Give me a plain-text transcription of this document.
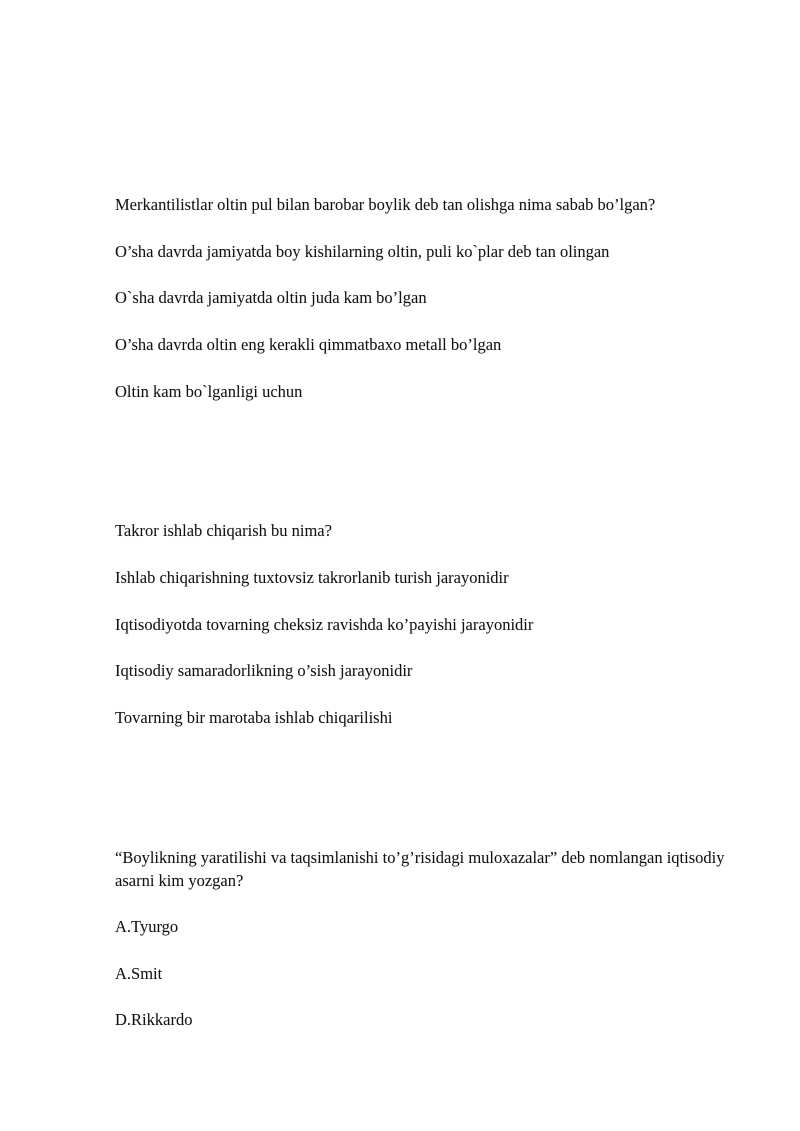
Merkantilistlar oltin pul bilan barobar boylik deb tan olishga nima sabab bo’lgan?
O’sha davrda jamiyatda boy kishilarning oltin, puli ko`plar deb tan olingan
O`sha davrda jamiyatda oltin juda kam bo’lgan
O’sha davrda oltin eng kerakli qimmatbaxo metall bo’lgan
Oltin kam bo`lganligi uchun
Takror ishlab chiqarish bu nima?
Ishlab chiqarishning tuxtovsiz takrorlanib turish jarayonidir
Iqtisodiyotda tovarning cheksiz ravishda ko’payishi jarayonidir
Iqtisodiy samaradorlikning o’sish jarayonidir
Tovarning bir marotaba ishlab chiqarilishi
“Boylikning yaratilishi va taqsimlanishi to’g’risidagi muloxazalar” deb nomlangan iqtisodiy asarni kim yozgan?
A.Tyurgo
A.Smit
D.Rikkardo
